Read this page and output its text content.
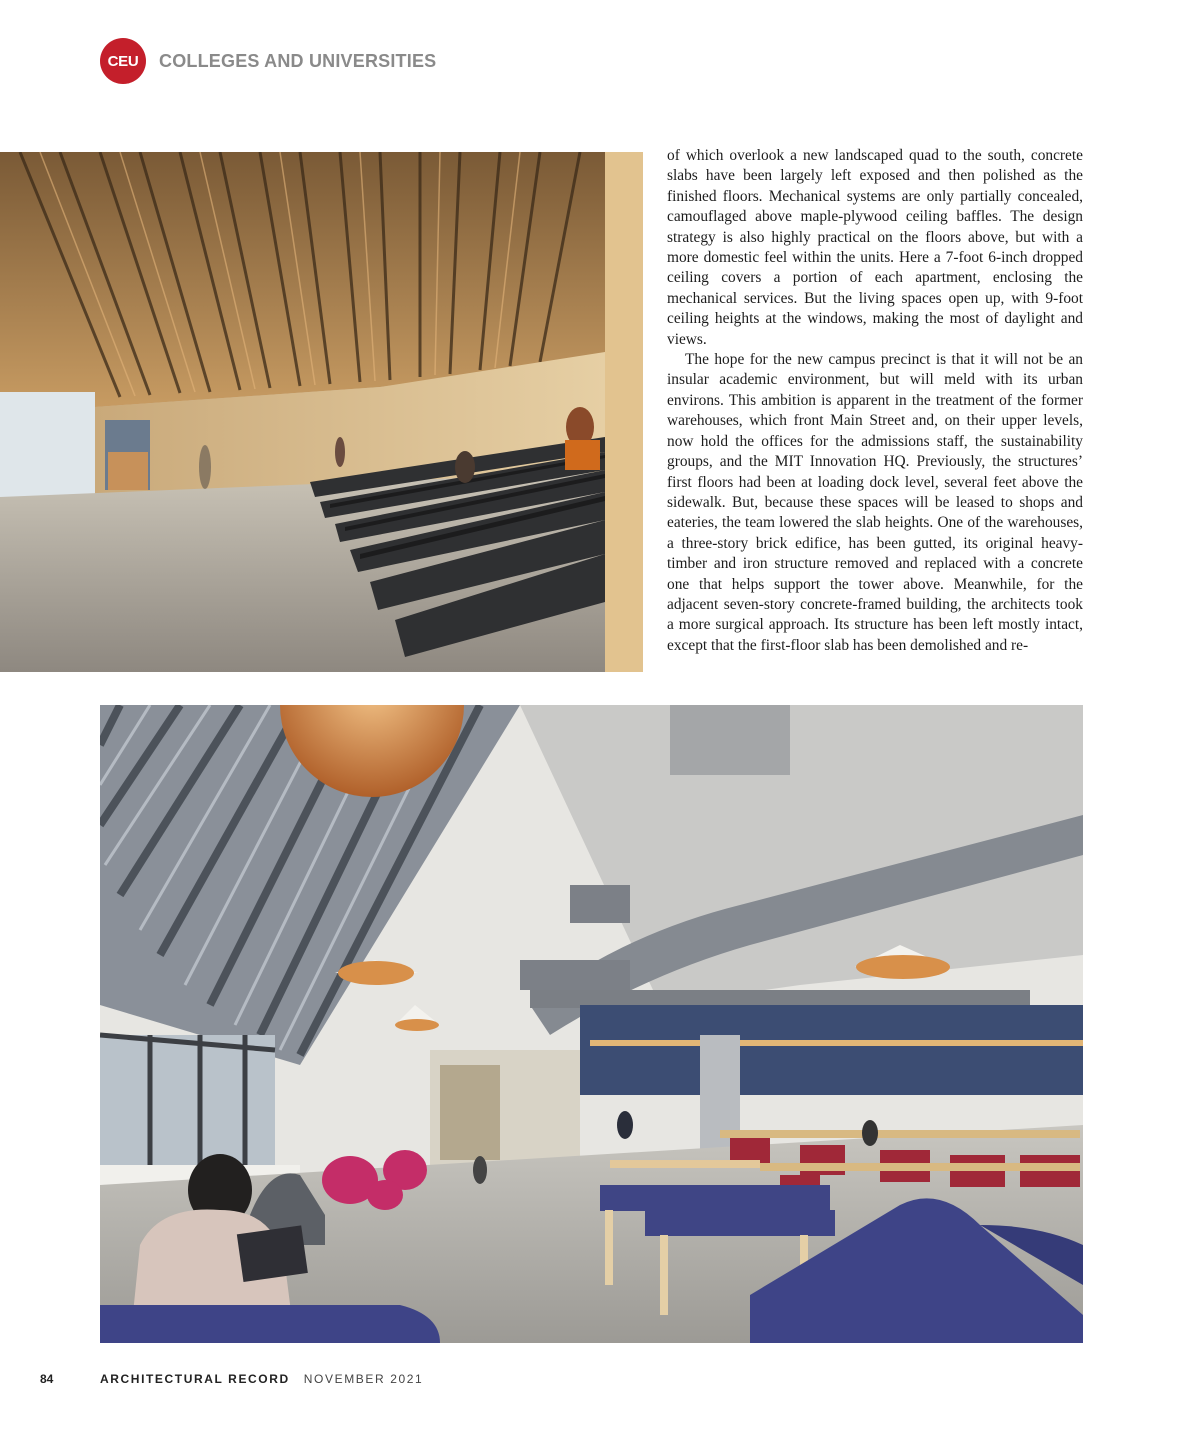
CEU	COLLEGES AND UNIVERSITIES

of which overlook a new landscaped quad to the south, concrete slabs have been largely left exposed and then polished as the finished floors. Mechanical systems are only partially concealed, camouflaged above maple-plywood ceiling baffles. The design strategy is also highly practical on the floors above, but with a more domestic feel within the units. Here a 7-foot 6-inch dropped ceiling covers a portion of each apartment, enclosing the mechanical services. But the living spaces open up, with 9-foot ceiling heights at the windows, making the most of daylight and views.

The hope for the new campus precinct is that it will not be an insular academic environment, but will meld with its urban environs. This ambition is apparent in the treatment of the former warehouses, which front Main Street and, on their upper levels, now hold the offices for the admissions staff, the sustainability groups, and the MIT Innovation HQ. Previously, the structures’ first floors had been at loading dock level, several feet above the sidewalk. But, because these spaces will be leased to shops and eateries, the team lowered the slab heights. One of the warehouses, a three-story brick edifice, has been gutted, its original heavy-timber and iron structure removed and replaced with a concrete one that helps support the tower above. Meanwhile, for the adjacent seven-story concrete-framed building, the architects took a more surgical approach. Its structure has been left mostly intact, except that the first-floor slab has been demolished and re-

84	ARCHITECTURAL RECORD NOVEMBER 2021
